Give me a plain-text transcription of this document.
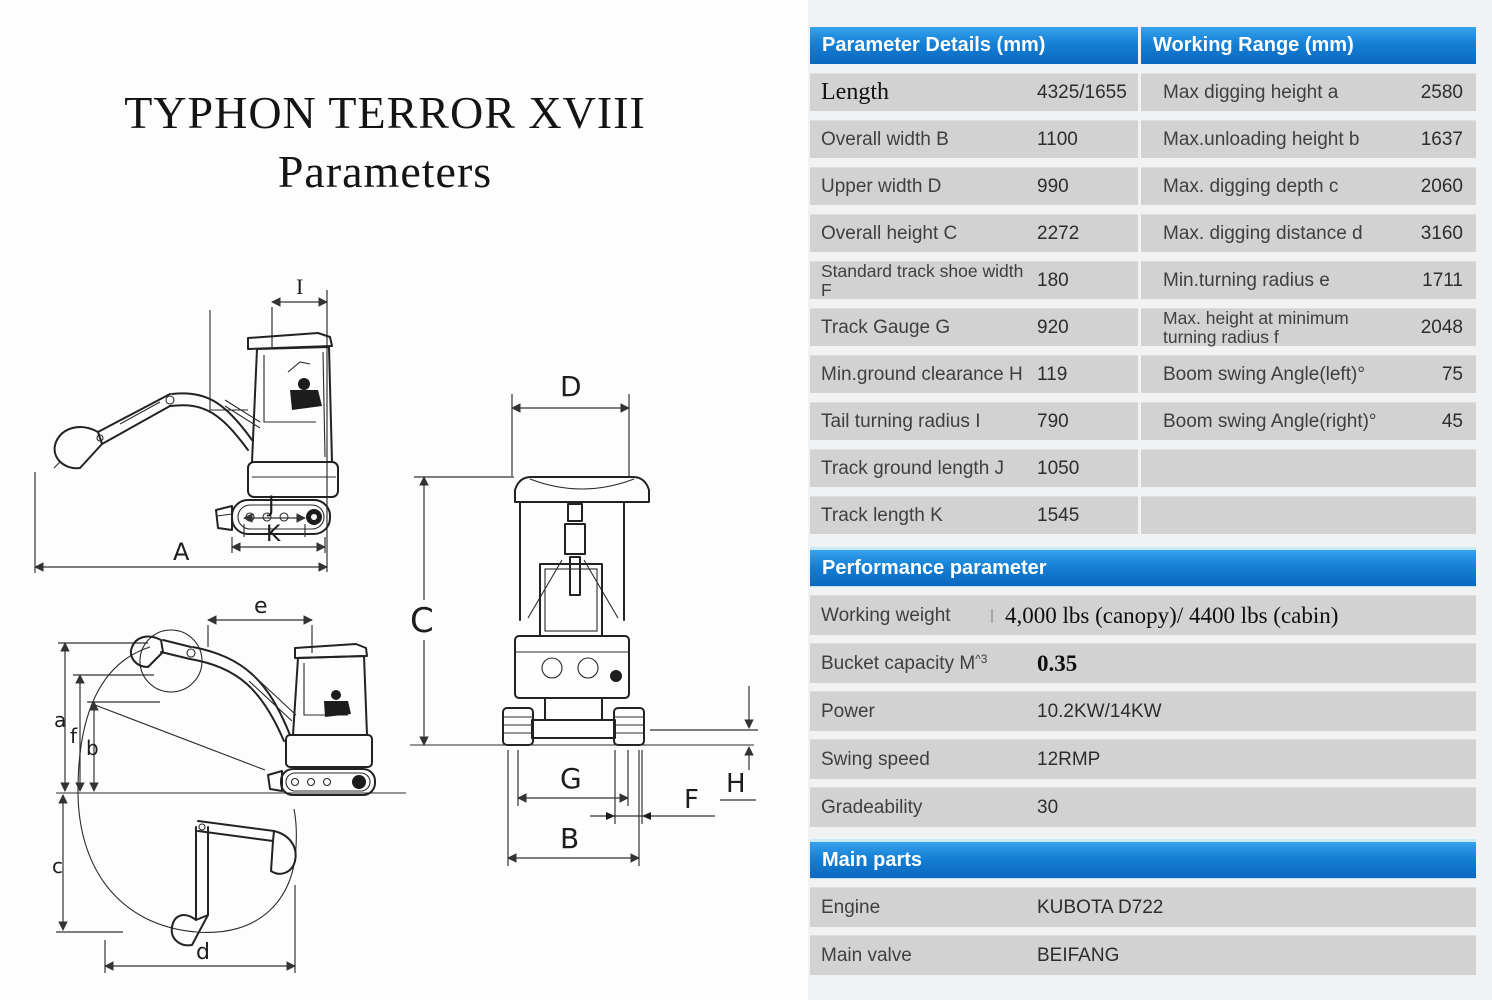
TYPHON TERROR XVIII
Parameters
I
J
K
A
D
C
H
G
F
B
e
a
f b
c
d
Parameter Details (mm)	Working Range (mm)
Length	4325/1655	Max digging height a	2580
Overall width B	1100	Max.unloading height b	1637
Upper width D	990	Max. digging depth c	2060
Overall height C	2272	Max. digging distance d	3160
Standard track shoe width F	180	Min.turning radius e	1711
Track Gauge G	920	Max. height at minimum turning radius f	2048
Min.ground clearance H 119	Boom swing Angle(left)°	75
Tail turning radius I	790	Boom swing Angle(right)°	45
Track ground length J 1050
Track length K	1545
Performance parameter
Working weight 4,000 lbs (canopy)/ 4400 lbs (cabin)
Bucket capacity $M^{\^{}3}$ 0.35
Power	10.2KW/14KW
Swing speed	12RMP
Gradeability	30
Main parts
Engine	KUBOTA D722
Main valve	BEIFANG
